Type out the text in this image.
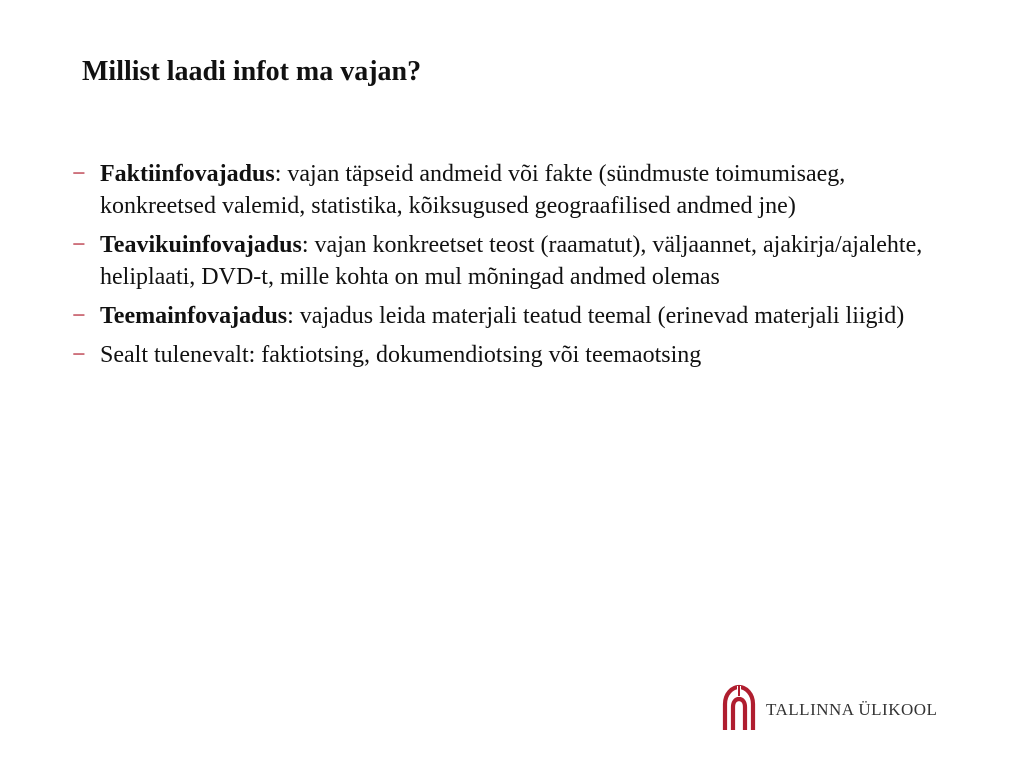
Millist laadi infot ma vajan?
− Faktiinfovajadus: vajan täpseid andmeid või fakte (sündmuste toimumisaeg, konkreetsed valemid, statistika, kõiksugused geograafilised andmed jne)
− Teavikuinfovajadus: vajan konkreetset teost (raamatut), väljaannet, ajakirja/ajalehte, heliplaati, DVD-t, mille kohta on mul mõningad andmed olemas
− Teemainfovajadus: vajadus leida materjali teatud teemal (erinevad materjali liigid)
− Sealt tulenevalt: faktiotsing, dokumendiotsing või teemaotsing
TALLINNA ÜLIKOOL
